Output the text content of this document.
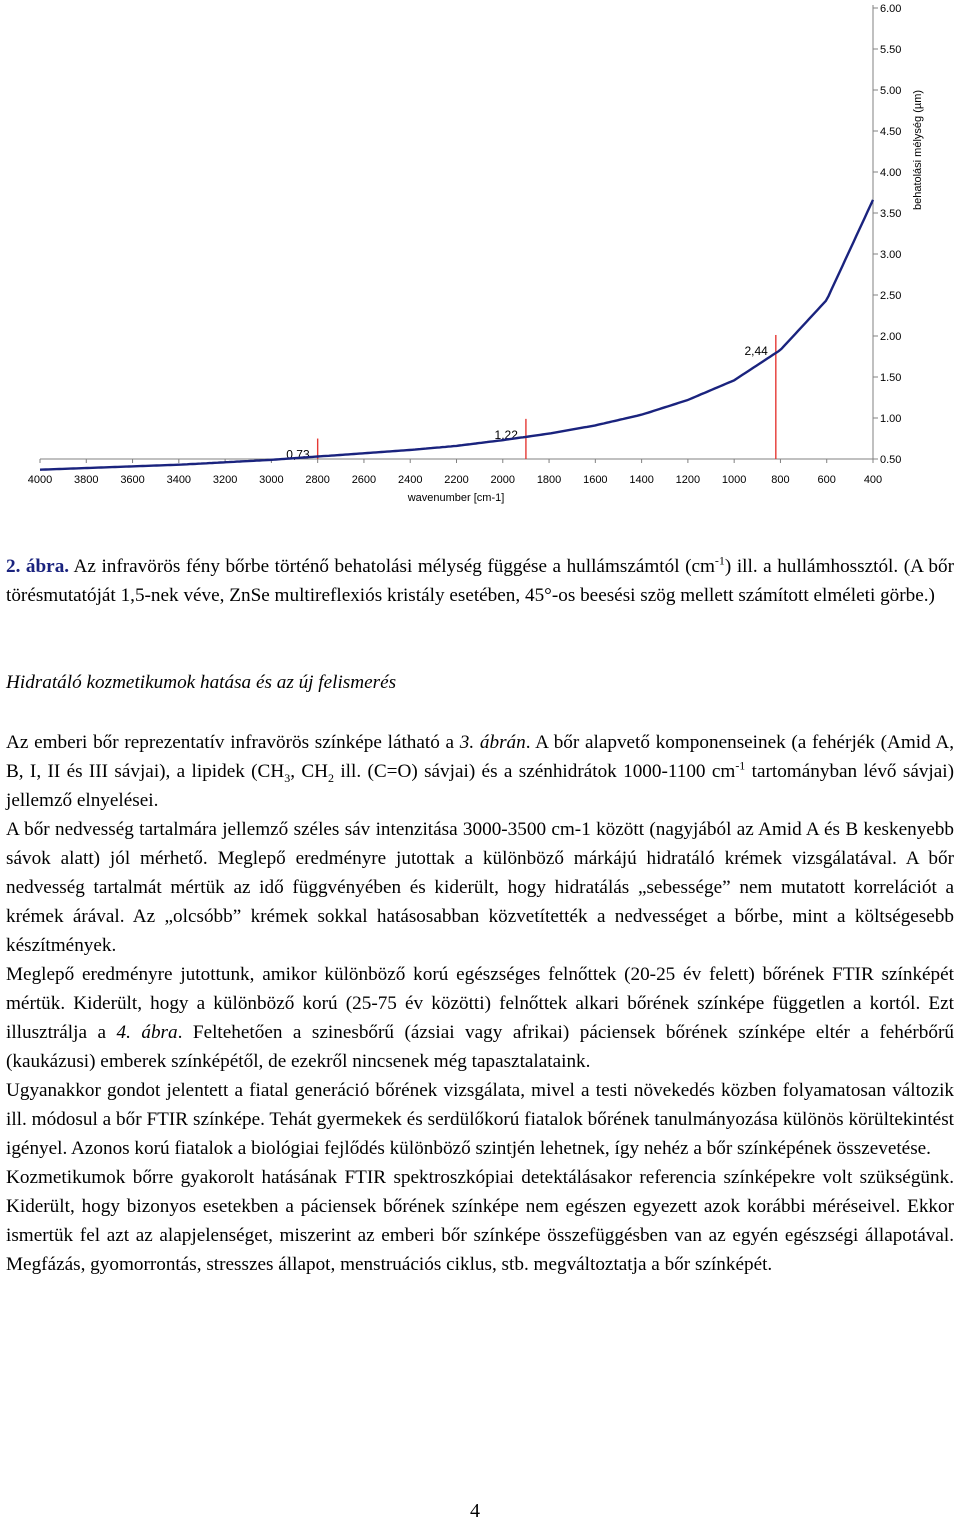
0.50
1.00
1.50
2.00
2.50
3.00
3.50
4.00
4.50
5.00
5.50
6.00
4000 3800 3600 3400 3200 3000 2800 2600 2400 2200 2000 1800 1600 1400 1200 1000 800	600	400
0,73
1,22
2,44
wavenumber [cm-1]
behatolási mélység (µm)

2. ábra. Az infravörös fény bőrbe történő behatolási mélység függése a hullámszámtól $(cm^{-1})$ ill. a hullámhossztól. (A bőr törésmutatóját 1,5-nek véve, ZnSe multireflexiós kristály esetében, 45°-os beesési szög mellett számított elméleti görbe.)

Hidratáló kozmetikumok hatása és az új felismerés

Az emberi bőr reprezentatív infravörös színképe látható a 3. ábrán. A bőr alapvető komponenseinek (a fehérjék (Amid A, B, I, II és III sávjai), a lipidek ($CH_3$, $CH_2$ ill. (C=O) sávjai) és a szénhidrátok 1000-1100 $cm^{-1}$ tartományban lévő sávjai) jellemző elnyelései.

A bőr nedvesség tartalmára jellemző széles sáv intenzitása 3000-3500 cm-1 között (nagyjából az Amid A és B keskenyebb sávok alatt) jól mérhető. Meglepő eredményre jutottak a különböző márkájú hidratáló krémek vizsgálatával. A bőr nedvesség tartalmát mértük az idő függvényében és kiderült, hogy hidratálás „sebessége” nem mutatott korrelációt a krémek árával. Az „olcsóbb” krémek sokkal hatásosabban közvetítették a nedvességet a bőrbe, mint a költségesebb készítmények.

Meglepő eredményre jutottunk, amikor különböző korú egészséges felnőttek (20-25 év felett) bőrének FTIR színképét mértük. Kiderült, hogy a különböző korú (25-75 év közötti) felnőttek alkari bőrének színképe független a kortól. Ezt illusztrálja a 4. ábra. Feltehetően a szinesbőrű (ázsiai vagy afrikai) páciensek bőrének színképe eltér a fehérbőrű (kaukázusi) emberek színképétől, de ezekről nincsenek még tapasztalataink.

Ugyanakkor gondot jelentett a fiatal generáció bőrének vizsgálata, mivel a testi növekedés közben folyamatosan változik ill. módosul a bőr FTIR színképe. Tehát gyermekek és serdülőkorú fiatalok bőrének tanulmányozása különös körültekintést igényel. Azonos korú fiatalok a biológiai fejlődés különböző szintjén lehetnek, így nehéz a bőr színképének összevetése.

Kozmetikumok bőrre gyakorolt hatásának FTIR spektroszkópiai detektálásakor referencia színképekre volt szükségünk. Kiderült, hogy bizonyos esetekben a páciensek bőrének színképe nem egészen egyezett azok korábbi méréseivel. Ekkor ismertük fel azt az alapjelenséget, miszerint az emberi bőr színképe összefüggésben van az egyén egészségi állapotával. Megfázás, gyomorrontás, stresszes állapot, menstruációs ciklus, stb. megváltoztatja a bőr színképét.

4
